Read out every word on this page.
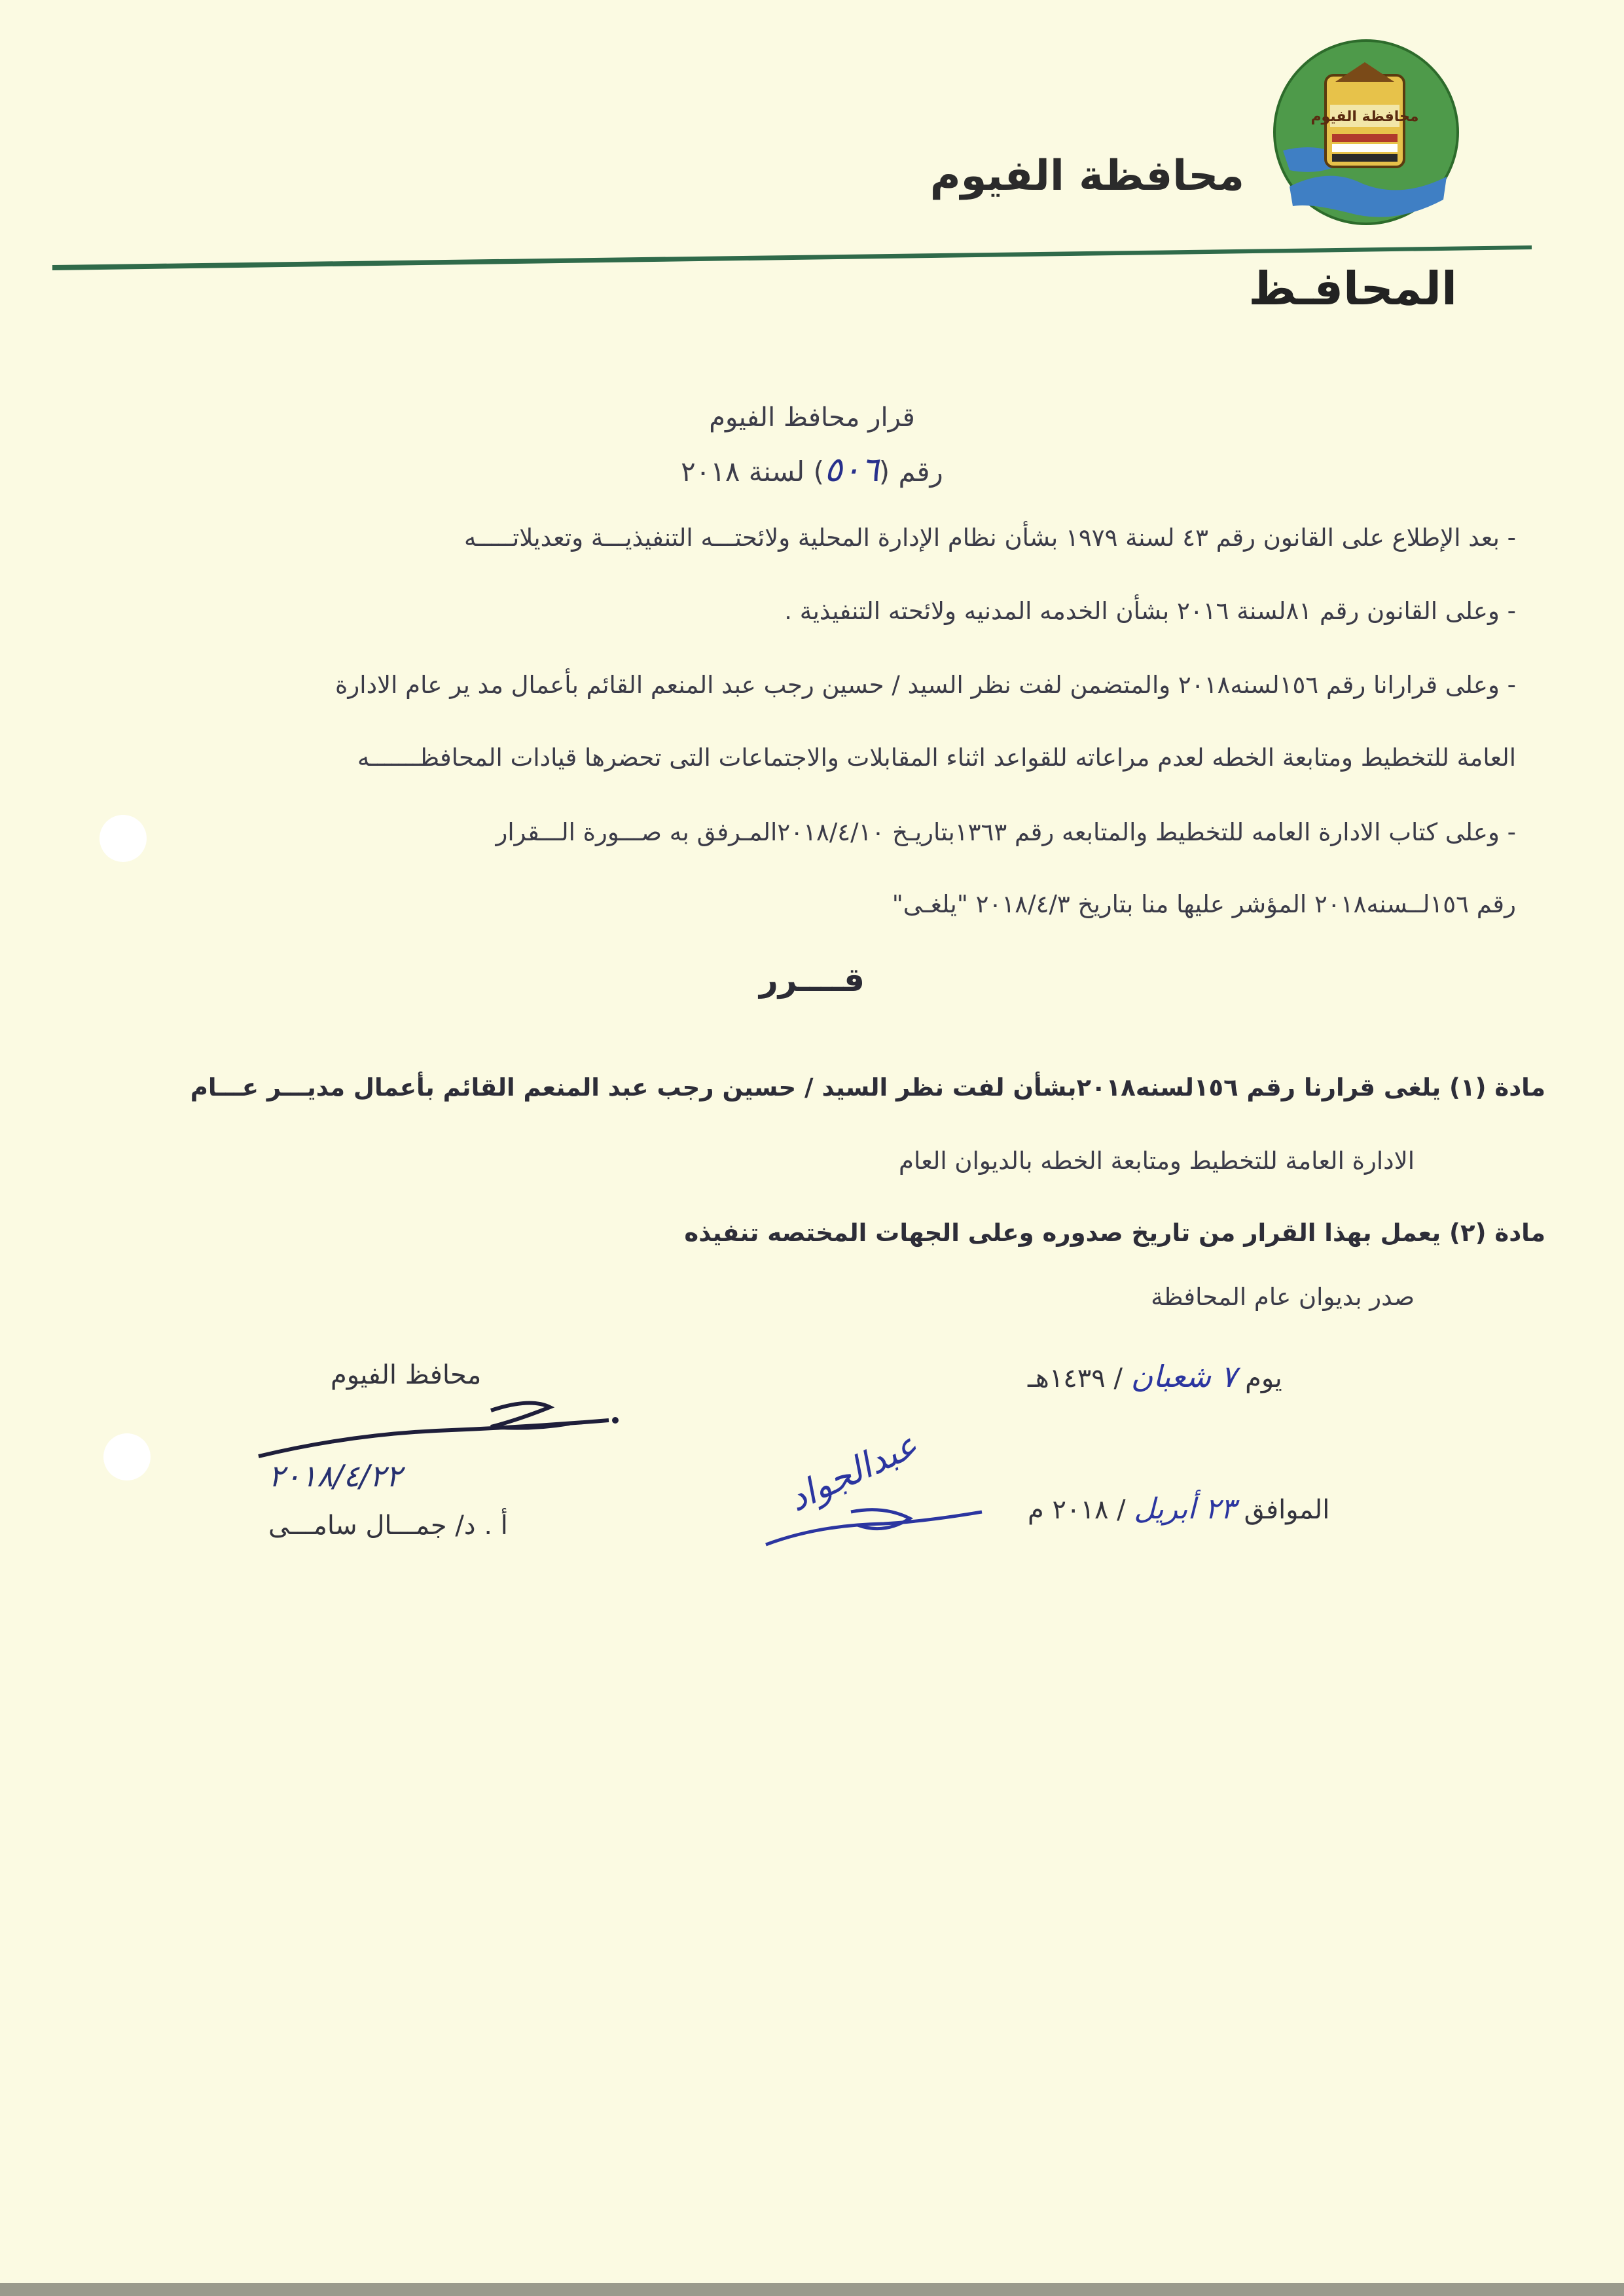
محافظة الفيوم
محافظة الفيوم
المحافـظ
قرار محافظ الفيوم
رقم (٥٠٦) لسنة ٢٠١٨
- بعد الإطلاع على القانون رقم ٤٣ لسنة ١٩٧٩ بشأن نظام الإدارة المحلية ولائحتـــه التنفيذيـــة وتعديلاتـــــه
- وعلى القانون رقم ٨١لسنة ٢٠١٦ بشأن الخدمه المدنيه ولائحته التنفيذية .
- وعلى قرارانا رقم ١٥٦لسنه٢٠١٨ والمتضمن لفت نظر السيد / حسين رجب عبد المنعم القائم بأعمال مد ير عام الادارة
العامة للتخطيط ومتابعة الخطه لعدم مراعاته للقواعد اثناء المقابلات والاجتماعات التى تحضرها قيادات المحافظـــــــه
- وعلى كتاب الادارة العامه للتخطيط والمتابعه رقم ١٣٦٣بتاريـخ ٢٠١٨/٤/١٠المـرفق به صـــورة الـــقرار
رقم ١٥٦لــسنه٢٠١٨ المؤشر عليها منا بتاريخ ٢٠١٨/٤/٣ "يلغـى"
قــــرر
مادة (١) يلغى قرارنا رقم ١٥٦لسنه٢٠١٨بشأن لفت نظر السيد / حسين رجب عبد المنعم القائم بأعمال مديـــر عـــام
الادارة العامة للتخطيط ومتابعة الخطه بالديوان العام
مادة (٢) يعمل بهذا القرار من تاريخ صدوره وعلى الجهات المختصه تنفيذه
صدر بديوان عام المحافظة
يوم ٧ شعبان / ١٤٣٩هـ
الموافق ٢٣ أبريل / ٢٠١٨ م
محافظ الفيوم
٢٠١٨/٤/٢٢
أ . د/ جمـــال سامـــى
عبدالجواد
